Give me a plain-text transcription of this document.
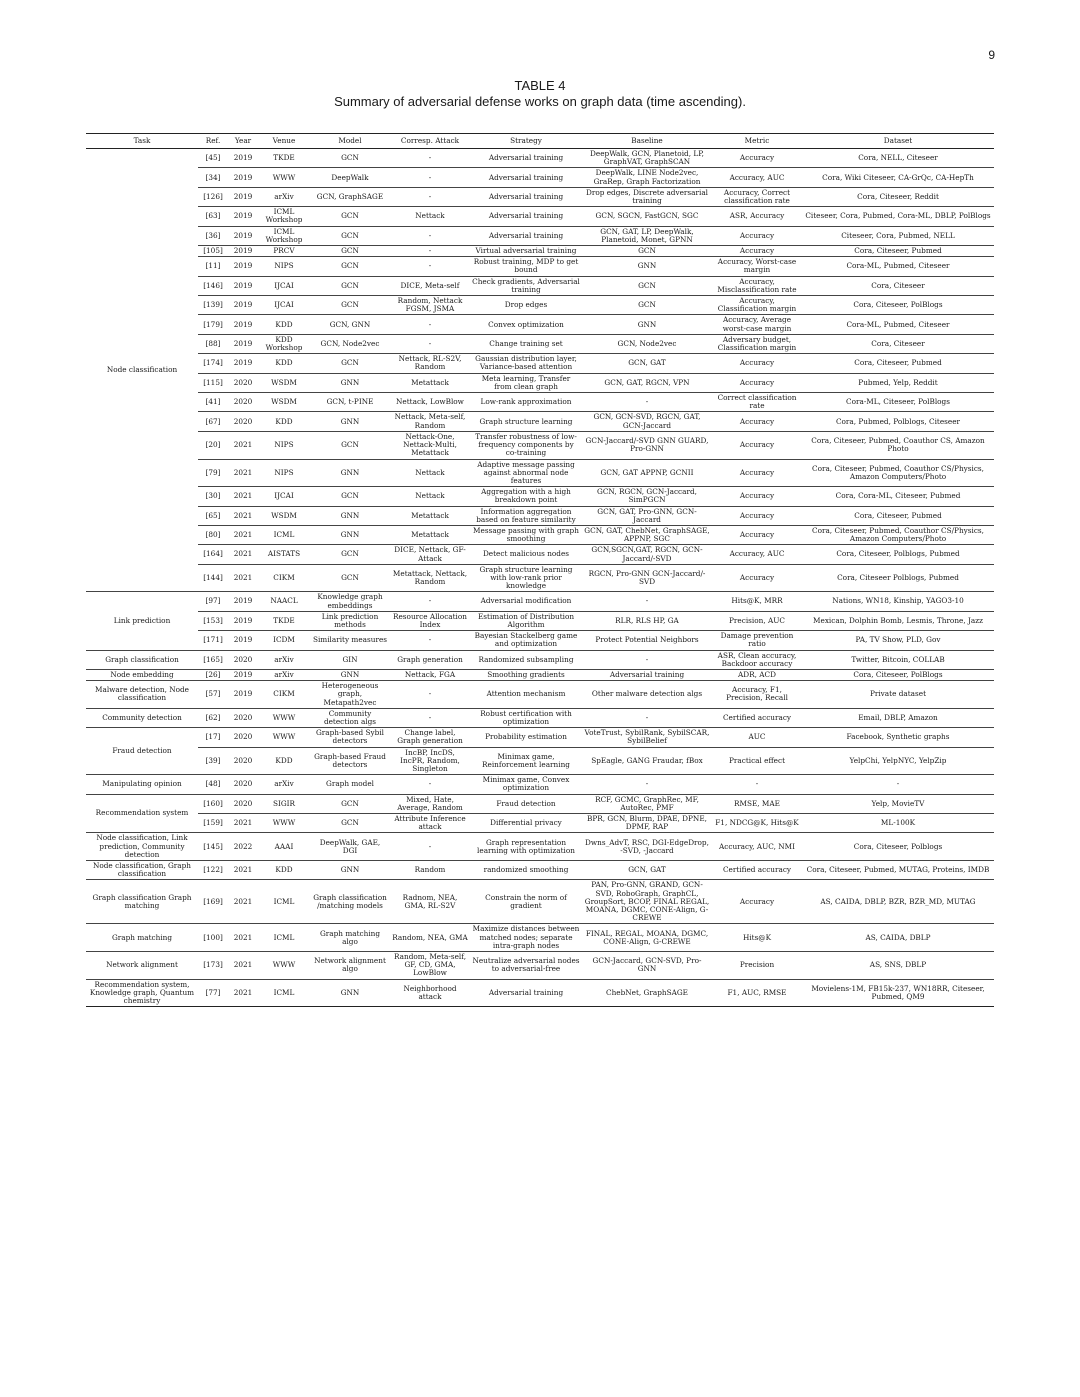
9
TABLE 4
Summary of adversarial defense works on graph data (time ascending).
Task	Ref.	Year	Venue	Model	Corresp. Attack	Strategy	Baseline	Metric	Dataset
Node classification	[45]	2019	TKDE	GCN	-	Adversarial training	DeepWalk, GCN, Planetoid, LP, GraphVAT, GraphSCAN	Accuracy	Cora, NELL, Citeseer
	[34]	2019	WWW	DeepWalk	-	Adversarial training	DeepWalk, LINE Node2vec, GraRep, Graph Factorization	Accuracy, AUC	Cora, Wiki Citeseer, CA-GrQc, CA-HepTh
	[126]	2019	arXiv	GCN, GraphSAGE	-	Adversarial training	Drop edges, Discrete adversarial training	Accuracy, Correct classification rate	Cora, Citeseer, Reddit
	[63]	2019	ICML Workshop	GCN	Nettack	Adversarial training	GCN, SGCN, FastGCN, SGC	ASR, Accuracy	Citeseer, Cora, Pubmed, Cora-ML, DBLP, PolBlogs
	[36]	2019	ICML Workshop	GCN	-	Adversarial training	GCN, GAT, LP, DeepWalk, Planetoid, Monet, GPNN	Accuracy	Citeseer, Cora, Pubmed, NELL
	[105]	2019	PRCV	GCN	-	Virtual adversarial training	GCN	Accuracy	Cora, Citeseer, Pubmed
	[11]	2019	NIPS	GCN	-	Robust training, MDP to get bound	GNN	Accuracy, Worst-case margin	Cora-ML, Pubmed, Citeseer
	[146]	2019	IJCAI	GCN	DICE, Meta-self	Check gradients, Adversarial training	GCN	Accuracy, Misclassification rate	Cora, Citeseer
	[139]	2019	IJCAI	GCN	Random, Nettack FGSM, JSMA	Drop edges	GCN	Accuracy, Classification margin	Cora, Citeseer, PolBlogs
	[179]	2019	KDD	GCN, GNN	-	Convex optimization	GNN	Accuracy, Average worst-case margin	Cora-ML, Pubmed, Citeseer
	[88]	2019	KDD Workshop	GCN, Node2vec	-	Change training set	GCN, Node2vec	Adversary budget, Classification margin	Cora, Citeseer
	[174]	2019	KDD	GCN	Nettack, RL-S2V, Random	Gaussian distribution layer, Variance-based attention	GCN, GAT	Accuracy	Cora, Citeseer, Pubmed
	[115]	2020	WSDM	GNN	Metattack	Meta learning, Transfer from clean graph	GCN, GAT, RGCN, VPN	Accuracy	Pubmed, Yelp, Reddit
	[41]	2020	WSDM	GCN, t-PINE	Nettack, LowBlow	Low-rank approximation	-	Correct classification rate	Cora-ML, Citeseer, PolBlogs
	[67]	2020	KDD	GNN	Nettack, Meta-self, Random	Graph structure learning	GCN, GCN-SVD, RGCN, GAT, GCN-Jaccard	Accuracy	Cora, Pubmed, Polblogs, Citeseer
	[20]	2021	NIPS	GCN	Nettack-One, Nettack-Multi, Metattack	Transfer robustness of low-frequency components by co-training	GCN-Jaccard/-SVD GNN GUARD, Pro-GNN	Accuracy	Cora, Citeseer, Pubmed, Coauthor CS, Amazon Photo
	[79]	2021	NIPS	GNN	Nettack	Adaptive message passing against abnormal node features	GCN, GAT APPNP, GCNII	Accuracy	Cora, Citeseer, Pubmed, Coauthor CS/Physics, Amazon Computers/Photo
	[30]	2021	IJCAI	GCN	Nettack	Aggregation with a high breakdown point	GCN, RGCN, GCN-Jaccard, SimPGCN	Accuracy	Cora, Cora-ML, Citeseer, Pubmed
	[65]	2021	WSDM	GNN	Metattack	Information aggregation based on feature similarity	GCN, GAT, Pro-GNN, GCN-Jaccard	Accuracy	Cora, Citeseer, Pubmed
	[80]	2021	ICML	GNN	Metattack	Message passing with graph smoothing	GCN, GAT, ChebNet, GraphSAGE, APPNP, SGC	Accuracy	Cora, Citeseer, Pubmed, Coauthor CS/Physics, Amazon Computers/Photo
	[164]	2021	AISTATS	GCN	DICE, Nettack, GF-Attack	Detect malicious nodes	GCN,SGCN,GAT, RGCN, GCN-Jaccard/-SVD	Accuracy, AUC	Cora, Citeseer, Polblogs, Pubmed
	[144]	2021	CIKM	GCN	Metattack, Nettack, Random	Graph structure learning with low-rank prior knowledge	RGCN, Pro-GNN GCN-Jaccard/-SVD	Accuracy	Cora, Citeseer Polblogs, Pubmed
Link prediction	[97]	2019	NAACL	Knowledge graph embeddings	-	Adversarial modification	-	Hits@K, MRR	Nations, WN18, Kinship, YAGO3-10
	[153]	2019	TKDE	Link prediction methods	Resource Allocation Index	Estimation of Distribution Algorithm	RLR, RLS HP, GA	Precision, AUC	Mexican, Dolphin Bomb, Lesmis, Throne, Jazz
	[171]	2019	ICDM	Similarity measures	-	Bayesian Stackelberg game and optimization	Protect Potential Neighbors	Damage prevention ratio	PA, TV Show, PLD, Gov
Graph classification	[165]	2020	arXiv	GIN	Graph generation	Randomized subsampling	-	ASR, Clean accuracy, Backdoor accuracy	Twitter, Bitcoin, COLLAB
Node embedding	[26]	2019	arXiv	GNN	Nettack, FGA	Smoothing gradients	Adversarial training	ADR, ACD	Cora, Citeseer, PolBlogs
Malware detection, Node classification	[57]	2019	CIKM	Heterogeneous graph, Metapath2vec	-	Attention mechanism	Other malware detection algs	Accuracy, F1, Precision, Recall	Private dataset
Community detection	[62]	2020	WWW	Community detection algs	-	Robust certification with optimization	-	Certified accuracy	Email, DBLP, Amazon
Fraud detection	[17]	2020	WWW	Graph-based Sybil detectors	Change label, Graph generation	Probability estimation	VoteTrust, SybilRank, SybilSCAR, SybilBelief	AUC	Facebook, Synthetic graphs
	[39]	2020	KDD	Graph-based Fraud detectors	IncBP, IncDS, IncPR, Random, Singleton	Minimax game, Reinforcement learning	SpEagle, GANG Fraudar, fBox	Practical effect	YelpChi, YelpNYC, YelpZip
Manipulating opinion	[48]	2020	arXiv	Graph model	-	Minimax game, Convex optimization	-	-	-
Recommendation system	[160]	2020	SIGIR	GCN	Mixed, Hate, Average, Random	Fraud detection	RCF, GCMC, GraphRec, MF, AutoRec, PMF	RMSE, MAE	Yelp, MovieTV
	[159]	2021	WWW	GCN	Attribute Inference attack	Differential privacy	BPR, GCN, Blurm, DPAE, DPNE, DPMF, RAP	F1, NDCG@K, Hits@K	ML-100K
Node classification, Link prediction, Community detection	[145]	2022	AAAI	DeepWalk, GAE, DGI	-	Graph representation learning with optimization	Dwns_AdvT, RSC, DGI-EdgeDrop, -SVD, -Jaccard	Accuracy, AUC, NMI	Cora, Citeseer, Polblogs
Node classification, Graph classification	[122]	2021	KDD	GNN	Random	randomized smoothing	GCN, GAT	Certified accuracy	Cora, Citeseer, Pubmed, MUTAG, Proteins, IMDB
Graph classification Graph matching	[169]	2021	ICML	Graph classification /matching models	Radnom, NEA, GMA, RL-S2V	Constrain the norm of gradient	PAN, Pro-GNN, GRAND, GCN-SVD, RoboGraph, GraphCL, GroupSort, BCOP, FINAL REGAL, MOANA, DGMC, CONE-Align, G-CREWE	Accuracy	AS, CAIDA, DBLP, BZR, BZR_MD, MUTAG
Graph matching	[100]	2021	ICML	Graph matching algo	Random, NEA, GMA	Maximize distances between matched nodes; separate intra-graph nodes	FINAL, REGAL, MOANA, DGMC, CONE-Align, G-CREWE	Hits@K	AS, CAIDA, DBLP
Network alignment	[173]	2021	WWW	Network alignment algo	Random, Meta-self, GF, CD, GMA, LowBlow	Neutralize adversarial nodes to adversarial-free	GCN-Jaccard, GCN-SVD, Pro-GNN	Precision	AS, SNS, DBLP
Recommendation system, Knowledge graph, Quantum chemistry	[77]	2021	ICML	GNN	Neighborhood attack	Adversarial training	ChebNet, GraphSAGE	F1, AUC, RMSE	Movielens-1M, FB15k-237, WN18RR, Citeseer, Pubmed, QM9
